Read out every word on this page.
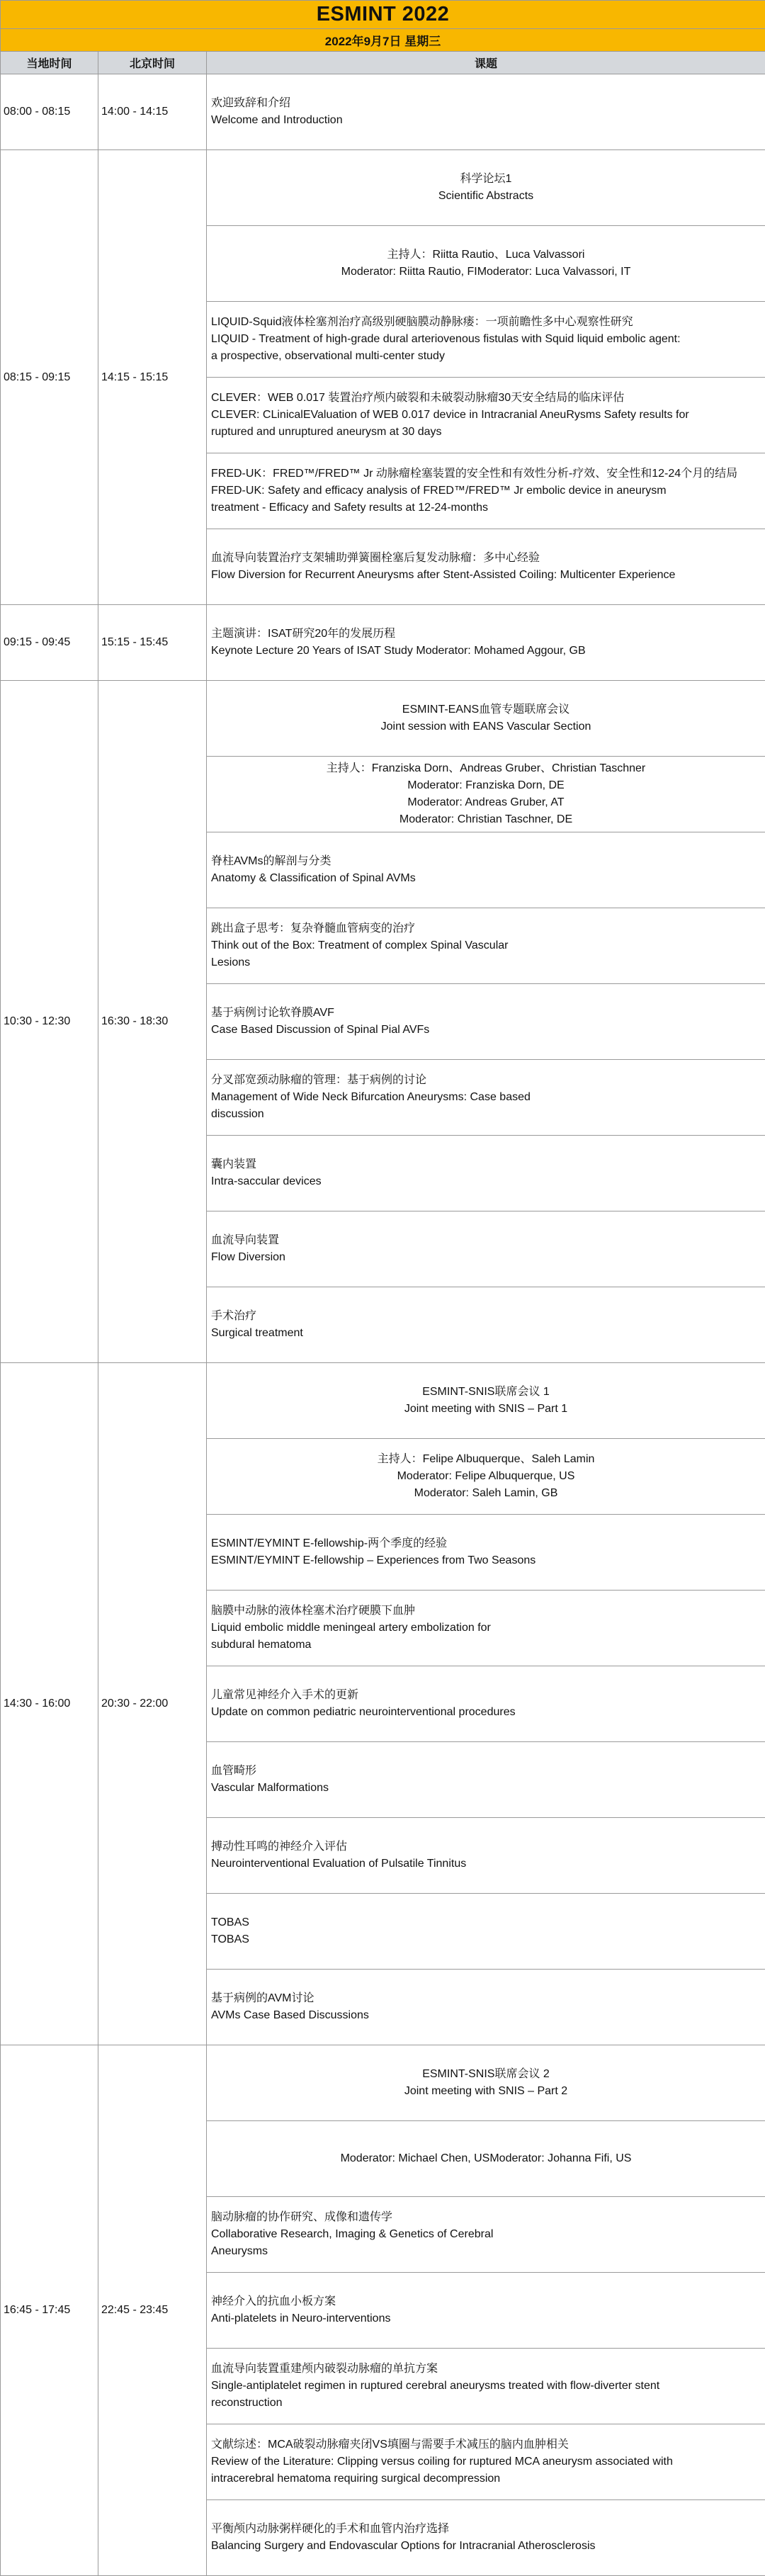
ESMINT 2022		
2022年9月7日 星期三		
当地时间	北京时间	课题
08:00 - 08:15	14:00 - 14:15	欢迎致辞和介绍
Welcome and Introduction

08:15 - 09:15	14:15 - 15:15	科学论坛1
Scientific Abstracts

		主持人：Riitta Rautio、Luca Valvassori
Moderator: Riitta Rautio, FIModerator: Luca Valvassori, IT

		LIQUID-Squid液体栓塞剂治疗高级别硬脑膜动静脉瘘：一项前瞻性多中心观察性研究
LIQUID - Treatment of high-grade dural arteriovenous fistulas with Squid liquid embolic agent:
a prospective, observational multi-center study

		CLEVER：WEB 0.017 装置治疗颅内破裂和未破裂动脉瘤30天安全结局的临床评估
CLEVER: CLinicalEValuation of WEB 0.017 device in Intracranial AneuRysms Safety results for
ruptured and unruptured aneurysm at 30 days

		FRED-UK：FRED™/FRED™ Jr 动脉瘤栓塞装置的安全性和有效性分析-疗效、安全性和12-24个月的结局
FRED-UK: Safety and efficacy analysis of FRED™/FRED™ Jr embolic device in aneurysm
treatment - Efficacy and Safety results at 12-24-months

		血流导向装置治疗支架辅助弹簧圈栓塞后复发动脉瘤：多中心经验
Flow Diversion for Recurrent Aneurysms after Stent-Assisted Coiling: Multicenter Experience

09:15 - 09:45	15:15 - 15:45	主题演讲：ISAT研究20年的发展历程
Keynote Lecture 20 Years of ISAT Study Moderator: Mohamed Aggour, GB

10:30 - 12:30	16:30 - 18:30	ESMINT-EANS血管专题联席会议
Joint session with EANS Vascular Section

		主持人：Franziska Dorn、Andreas Gruber、Christian Taschner
Moderator: Franziska Dorn, DE
Moderator: Andreas Gruber, AT
Moderator: Christian Taschner, DE

		脊柱AVMs的解剖与分类
Anatomy & Classification of Spinal AVMs

		跳出盒子思考：复杂脊髓血管病变的治疗
Think out of the Box: Treatment of complex Spinal Vascular
Lesions

		基于病例讨论软脊膜AVF
Case Based Discussion of Spinal Pial AVFs

		分叉部宽颈动脉瘤的管理：基于病例的讨论
Management of Wide Neck Bifurcation Aneurysms: Case based
discussion

		囊内装置
Intra-saccular devices

		血流导向装置
Flow Diversion

		手术治疗
Surgical treatment

14:30 - 16:00	20:30 - 22:00	ESMINT-SNIS联席会议 1
Joint meeting with SNIS – Part 1

		主持人：Felipe Albuquerque、Saleh Lamin
Moderator: Felipe Albuquerque, US
Moderator: Saleh Lamin, GB

		ESMINT/EYMINT E-fellowship-两个季度的经验
ESMINT/EYMINT E-fellowship – Experiences from Two Seasons

		脑膜中动脉的液体栓塞术治疗硬膜下血肿
Liquid embolic middle meningeal artery embolization for
subdural hematoma

		儿童常见神经介入手术的更新
Update on common pediatric neurointerventional procedures

		血管畸形
Vascular Malformations

		搏动性耳鸣的神经介入评估
Neurointerventional Evaluation of Pulsatile Tinnitus

		TOBAS
TOBAS

		基于病例的AVM讨论
AVMs Case Based Discussions

16:45 - 17:45	22:45 - 23:45	ESMINT-SNIS联席会议 2
Joint meeting with SNIS – Part 2

		Moderator: Michael Chen, USModerator: Johanna Fifi, US

		脑动脉瘤的协作研究、成像和遗传学
Collaborative Research, Imaging & Genetics of Cerebral
Aneurysms

		神经介入的抗血小板方案
Anti-platelets in Neuro-interventions

		血流导向装置重建颅内破裂动脉瘤的单抗方案
Single-antiplatelet regimen in ruptured cerebral aneurysms treated with flow-diverter stent
reconstruction

		文献综述：MCA破裂动脉瘤夹闭VS填圈与需要手术减压的脑内血肿相关
Review of the Literature: Clipping versus coiling for ruptured MCA aneurysm associated with
intracerebral hematoma requiring surgical decompression

		平衡颅内动脉粥样硬化的手术和血管内治疗选择
Balancing Surgery and Endovascular Options for Intracranial Atherosclerosis
